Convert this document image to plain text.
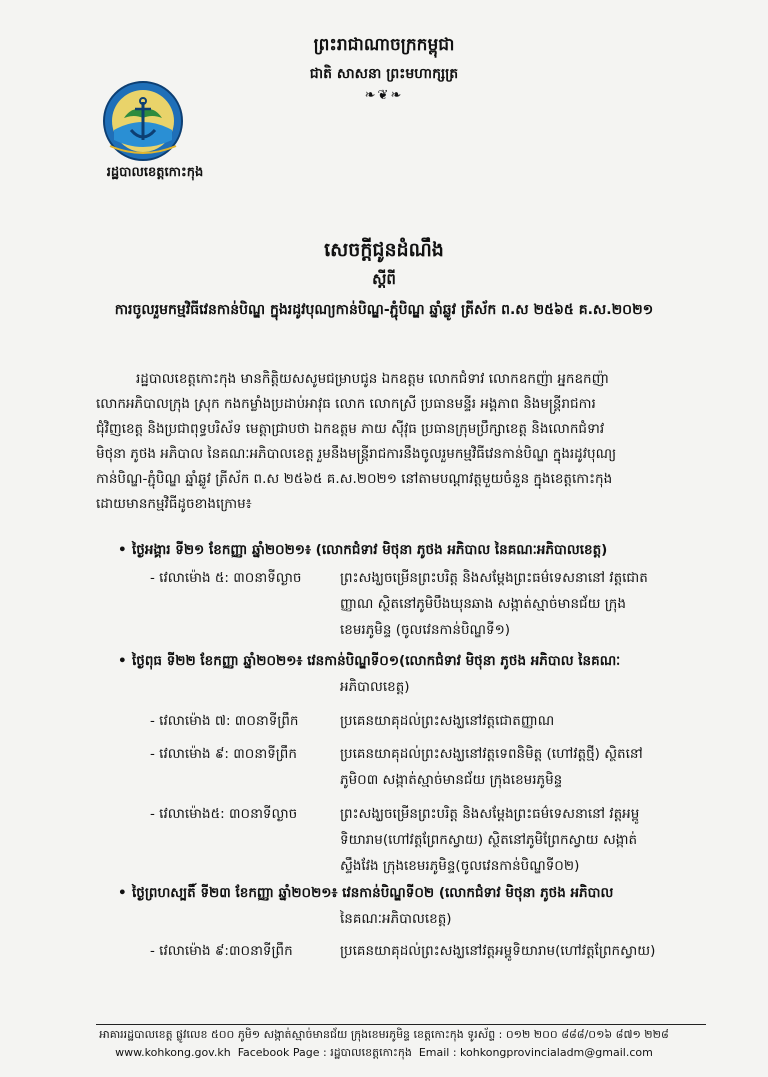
ព្រះរាជាណាចក្រកម្ពុជា
ជាតិ សាសនា ព្រះមហាក្សត្រ
❧❦❧
រដ្ឋបាលខេត្តកោះកុង
សេចក្តីជូនដំណឹង
ស្តីពី
ការចូលរួមកម្មវិធីវេនកាន់បិណ្ឌ ក្នុងរដូវបុណ្យកាន់បិណ្ឌ-ភ្ជុំបិណ្ឌ ឆ្នាំឆ្លូវ ត្រីស័ក ព.ស ២៥៦៥ គ.ស.២០២១

រដ្ឋបាលខេត្តកោះកុង មានកិត្តិយសសូមជម្រាបជូន ឯកឧត្តម លោកជំទាវ លោកឧកញ៉ា អ្នកឧកញ៉ា

លោកអភិបាលក្រុង ស្រុក កងកម្លាំងប្រដាប់អាវុធ លោក លោកស្រី ប្រធានមន្ទីរ អង្គភាព និងមន្ត្រីរាជការ

ជុំវិញខេត្ត និងប្រជាពុទ្ធបរិស័ទ មេត្តាជ្រាបថា ឯកឧត្តម ភាយ ស៊ីវុធ ប្រធានក្រុមប្រឹក្សាខេត្ត និងលោកជំទាវ

មិថុនា ភូថង អភិបាល នៃគណៈអភិបាលខេត្ត រួមនឹងមន្ត្រីរាជការនឹងចូលរួមកម្មវិធីវេនកាន់បិណ្ឌ ក្នុងរដូវបុណ្យ

កាន់បិណ្ឌ-ភ្ជុំបិណ្ឌ ឆ្នាំឆ្លូវ ត្រីស័ក ព.ស ២៥៦៥ គ.ស.២០២១ នៅតាមបណ្តាវត្តមួយចំនួន ក្នុងខេត្តកោះកុង

ដោយមានកម្មវិធីដូចខាងក្រោម៖

• ថ្ងៃអង្គារ ទី២១ ខែកញ្ញា ឆ្នាំ២០២១៖ (លោកជំទាវ មិថុនា ភូថង អភិបាល នៃគណៈអភិបាលខេត្ត)
- វេលាម៉ោង ៥: ៣០នាទីល្ងាច	ព្រះសង្ឃចម្រើនព្រះបរិត្ត និងសម្តែងព្រះធម៌ទេសនានៅ វត្តជោត
ញ្ញាណ ស្ថិតនៅភូមិបឹងឃុនឆាង សង្កាត់ស្មាច់មានជ័យ ក្រុង
ខេមរភូមិន្ទ (ចូលវេនកាន់បិណ្ឌទី១)
• ថ្ងៃពុធ ទី២២ ខែកញ្ញា ឆ្នាំ២០២១៖ វេនកាន់បិណ្ឌទី០១(លោកជំទាវ មិថុនា ភូថង អភិបាល នៃគណៈ
អភិបាលខេត្ត)
- វេលាម៉ោង ៧: ៣០នាទីព្រឹក	ប្រគេនយាគុដល់ព្រះសង្ឃនៅវត្តជោតញ្ញាណ
- វេលាម៉ោង ៩: ៣០នាទីព្រឹក	ប្រគេនយាគុដល់ព្រះសង្ឃនៅវត្តទេពនិមិត្ត (ហៅវត្តថ្មី) ស្ថិតនៅ
ភូមិ០៣ សង្កាត់ស្មាច់មានជ័យ ក្រុងខេមរភូមិន្ទ
- វេលាម៉ោង៥: ៣០នាទីល្ងាច	ព្រះសង្ឃចម្រើនព្រះបរិត្ត និងសម្តែងព្រះធម៌ទេសនានៅ វត្តអម្ពូ
ទិយារាម(ហៅវត្តព្រែកស្វាយ) ស្ថិតនៅភូមិព្រែកស្វាយ សង្កាត់
ស្ទឹងវែង ក្រុងខេមរភូមិន្ទ(ចូលវេនកាន់បិណ្ឌទី០២)
• ថ្ងៃព្រហស្បតិ៍ ទី២៣ ខែកញ្ញា ឆ្នាំ២០២១៖ វេនកាន់បិណ្ឌទី០២ (លោកជំទាវ មិថុនា ភូថង អភិបាល
នៃគណៈអភិបាលខេត្ត)
- វេលាម៉ោង ៩:៣០នាទីព្រឹក	ប្រគេនយាគុដល់ព្រះសង្ឃនៅវត្តអម្ពូទិយារាម(ហៅវត្តព្រែកស្វាយ)
អាគាររដ្ឋបាលខេត្ត ផ្លូវលេខ ៥០០ ភូមិ១ សង្កាត់ស្មាច់មានជ័យ ក្រុងខេមរភូមិន្ទ ខេត្តកោះកុង ទូរស័ព្ទ : ០១២ ២០០ ៨៨៨/០១៦ ៨៧១ ២២៨
www.kohkong.gov.kh Facebook Page : រដ្ឋបាលខេត្តកោះកុង Email : kohkongprovincialadm@gmail.com
